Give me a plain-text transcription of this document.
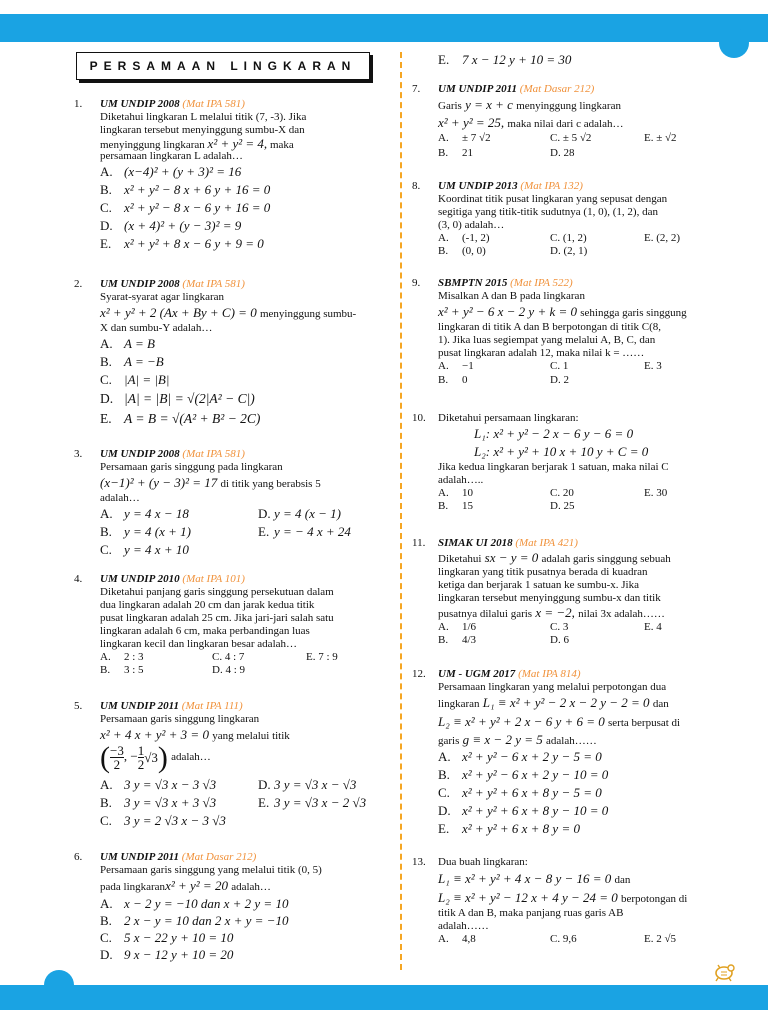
PERSAMAAN LINGKARAN
1. UM UNDIP 2008 (Mat IPA 581)
Diketahui lingkaran L melalui titik (7, -3). Jika
lingkaran tersebut menyinggung sumbu-X dan
menyinggung lingkaran x² + y² = 4, maka
persamaan lingkaran L adalah…
A. (x−4)² + (y + 3)² = 16
B. x² + y² − 8 x + 6 y + 16 = 0
C. x² + y² − 8 x − 6 y + 16 = 0
D. (x + 4)² + (y − 3)² = 9
E. x² + y² + 8 x − 6 y + 9 = 0
2. UM UNDIP 2008 (Mat IPA 581)
Syarat-syarat agar lingkaran
x² + y² + 2 (Ax + By + C) = 0 menyinggung sumbu-
X dan sumbu-Y adalah…
A. A = B
B. A = −B
C. |A| = |B|
D. |A| = |B| = √(2|A² − C|)
E. A = B = √(A² + B² − 2C)
3. UM UNDIP 2008 (Mat IPA 581)
Persamaan garis singgung pada lingkaran
(x−1)² + (y − 3)² = 17 di titik yang berabsis 5
adalah…
A. y = 4 x − 18	D. y = 4 (x − 1)
B. y = 4 (x + 1)	E. y = − 4 x + 24
C. y = 4 x + 10
4. UM UNDIP 2010 (Mat IPA 101)
Diketahui panjang garis singgung persekutuan dalam
dua lingkaran adalah 20 cm dan jarak kedua titik
pusat lingkaran adalah 25 cm. Jika jari-jari salah satu
lingkaran adalah 6 cm, maka perbandingan luas
lingkaran kecil dan lingkaran besar adalah…
A. 2 : 3	C. 4 : 7	E. 7 : 9
B. 3 : 5	D. 4 : 9
5. UM UNDIP 2011 (Mat IPA 111)
Persamaan garis singgung lingkaran
x² + 4 x + y² + 3 = 0 yang melalui titik
( $\frac{-3}{2}$ , − $\frac{1}{2} √3$) adalah…
A. 3 y = √3 x − 3 √3	D. 3 y = √3 x − √3
B. 3 y = √3 x + 3 √3	E. 3 y = √3 x − 2 √3
C. 3 y = 2 √3 x − 3 √3
6. UM UNDIP 2011 (Mat Dasar 212)
Persamaan garis singgung yang melalui titik (0, 5)
pada lingkaranx² + y² = 20 adalah…
A. x − 2 y = −10 dan x + 2 y = 10
B. 2 x − y = 10 dan 2 x + y = −10
C. 5 x − 22 y + 10 = 10
D. 9 x − 12 y + 10 = 20
E. 7 x − 12 y + 10 = 30
7. UM UNDIP 2011 (Mat Dasar 212)
Garis y = x + c menyinggung lingkaran
x² + y² = 25, maka nilai dari c adalah…
A. ± 7 √2	C. ± 5 √2	E. ± √2
B. 21	D. 28
8. UM UNDIP 2013 (Mat IPA 132)
Koordinat titik pusat lingkaran yang sepusat dengan
segitiga yang titik-titik sudutnya (1, 0), (1, 2), dan
(3, 0) adalah…
A. (-1, 2)	C. (1, 2)	E. (2, 2)
B. (0, 0)	D. (2, 1)
9. SBMPTN 2015 (Mat IPA 522)
Misalkan A dan B pada lingkaran
x² + y² − 6 x − 2 y + k = 0 sehingga garis singgung
lingkaran di titik A dan B berpotongan di titik C(8,
1). Jika luas segiempat yang melalui A, B, C, dan
pusat lingkaran adalah 12, maka nilai k = ……
A. −1	C. 1	E. 3
B. 0	D. 2
10. Diketahui persamaan lingkaran:
L₁: x² + y² − 2 x − 6 y − 6 = 0
L₂: x² + y² + 10 x + 10 y + C = 0
Jika kedua lingkaran berjarak 1 satuan, maka nilai C
adalah…..
A. 10	C. 20	E. 30
B. 15	D. 25
11. SIMAK UI 2018 (Mat IPA 421)
Diketahui sx − y = 0 adalah garis singgung sebuah
lingkaran yang titik pusatnya berada di kuadran
ketiga dan berjarak 1 satuan ke sumbu-x. Jika
lingkaran tersebut menyinggung sumbu-x dan titik
pusatnya dilalui garis x = −2, nilai 3x adalah……
A. 1/6	C. 3	E. 4
B. 4/3	D. 6
12. UM - UGM 2017 (Mat IPA 814)
Persamaan lingkaran yang melalui perpotongan dua
lingkaran L₁ ≡ x² + y² − 2 x − 2 y − 2 = 0 dan
L₂ ≡ x² + y² + 2 x − 6 y + 6 = 0 serta berpusat di
garis g ≡ x − 2 y = 5 adalah……
A. x² + y² − 6 x + 2 y − 5 = 0
B. x² + y² − 6 x + 2 y − 10 = 0
C. x² + y² + 6 x + 8 y − 5 = 0
D. x² + y² + 6 x + 8 y − 10 = 0
E. x² + y² + 6 x + 8 y = 0
13. Dua buah lingkaran:
L₁ ≡ x² + y² + 4 x − 8 y − 16 = 0 dan
L₂ ≡ x² + y² − 12 x + 4 y − 24 = 0 berpotongan di
titik A dan B, maka panjang ruas garis AB
adalah……
A. 4,8	C. 9,6	E. 2 √5
